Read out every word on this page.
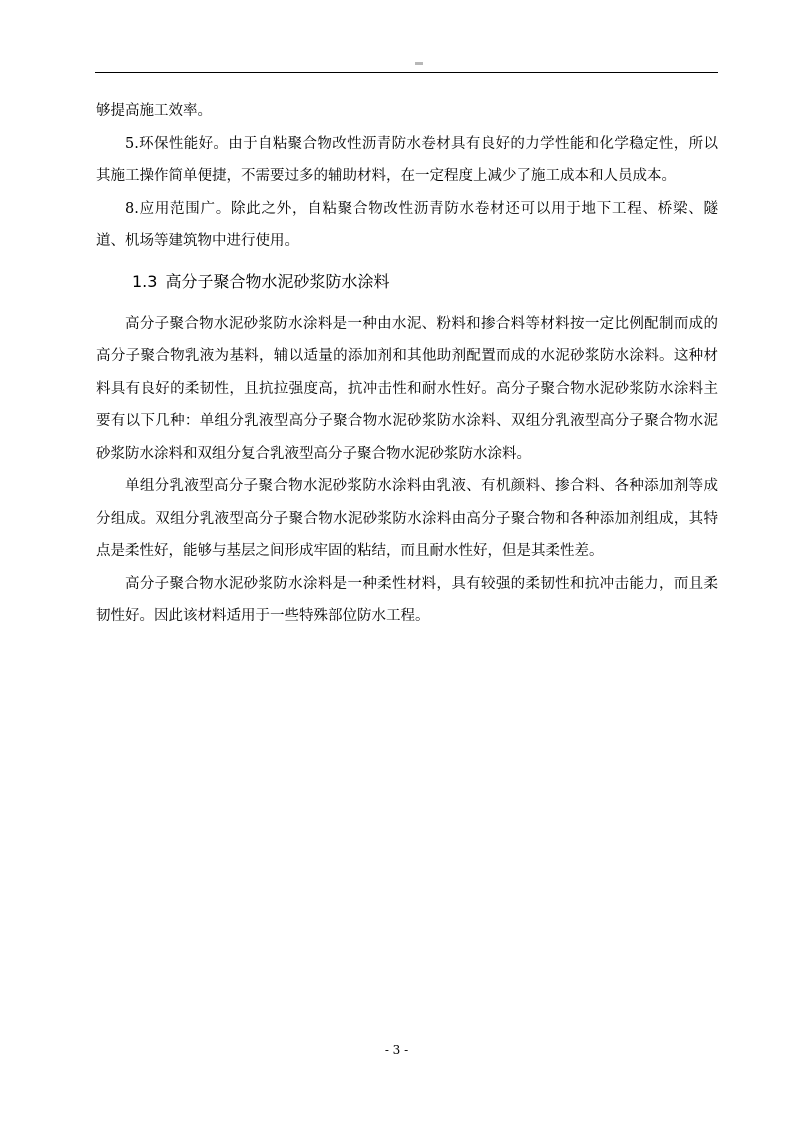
够提高施工效率。

5.环保性能好。由于自粘聚合物改性沥青防水卷材具有良好的力学性能和化学稳定性，所以其施工操作简单便捷，不需要过多的辅助材料，在一定程度上减少了施工成本和人员成本。

8.应用范围广。除此之外，自粘聚合物改性沥青防水卷材还可以用于地下工程、桥梁、隧道、机场等建筑物中进行使用。

1.3 高分子聚合物水泥砂浆防水涂料

高分子聚合物水泥砂浆防水涂料是一种由水泥、粉料和掺合料等材料按一定比例配制而成的高分子聚合物乳液为基料，辅以适量的添加剂和其他助剂配置而成的水泥砂浆防水涂料。这种材料具有良好的柔韧性，且抗拉强度高，抗冲击性和耐水性好。高分子聚合物水泥砂浆防水涂料主要有以下几种：单组分乳液型高分子聚合物水泥砂浆防水涂料、双组分乳液型高分子聚合物水泥砂浆防水涂料和双组分复合乳液型高分子聚合物水泥砂浆防水涂料。

单组分乳液型高分子聚合物水泥砂浆防水涂料由乳液、有机颜料、掺合料、各种添加剂等成分组成。双组分乳液型高分子聚合物水泥砂浆防水涂料由高分子聚合物和各种添加剂组成，其特点是柔性好，能够与基层之间形成牢固的粘结，而且耐水性好，但是其柔性差。

高分子聚合物水泥砂浆防水涂料是一种柔性材料，具有较强的柔韧性和抗冲击能力，而且柔韧性好。因此该材料适用于一些特殊部位防水工程。

- 3 -
